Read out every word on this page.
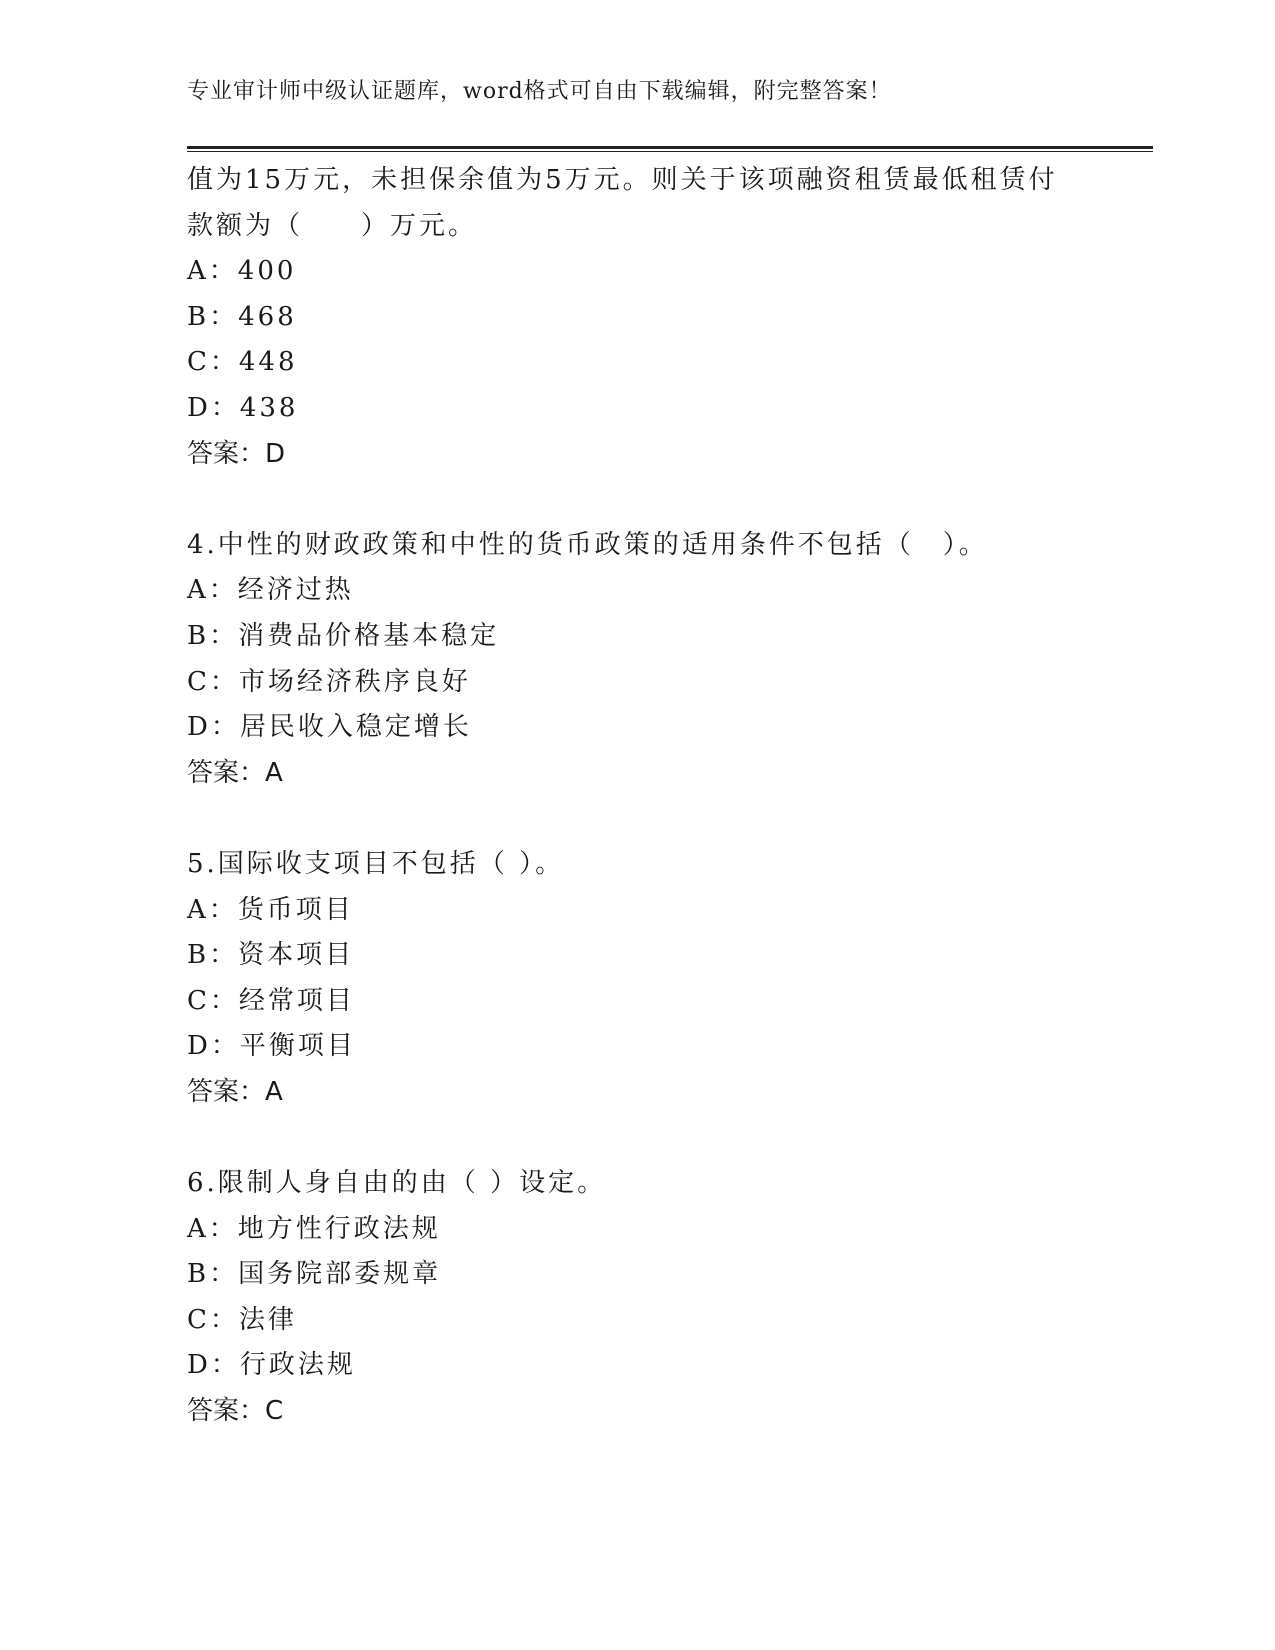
专业审计师中级认证题库，word格式可自由下载编辑，附完整答案！
值为15万元，未担保余值为5万元。则关于该项融资租赁最低租赁付
款额为（　　）万元。
A：400
B：468
C：448
D：438
答案：D
4.中性的财政政策和中性的货币政策的适用条件不包括（　）。
A：经济过热
B：消费品价格基本稳定
C：市场经济秩序良好
D：居民收入稳定增长
答案：A
5.国际收支项目不包括（ ）。
A：货币项目
B：资本项目
C：经常项目
D：平衡项目
答案：A
6.限制人身自由的由（ ）设定。
A：地方性行政法规
B：国务院部委规章
C：法律
D：行政法规
答案：C
